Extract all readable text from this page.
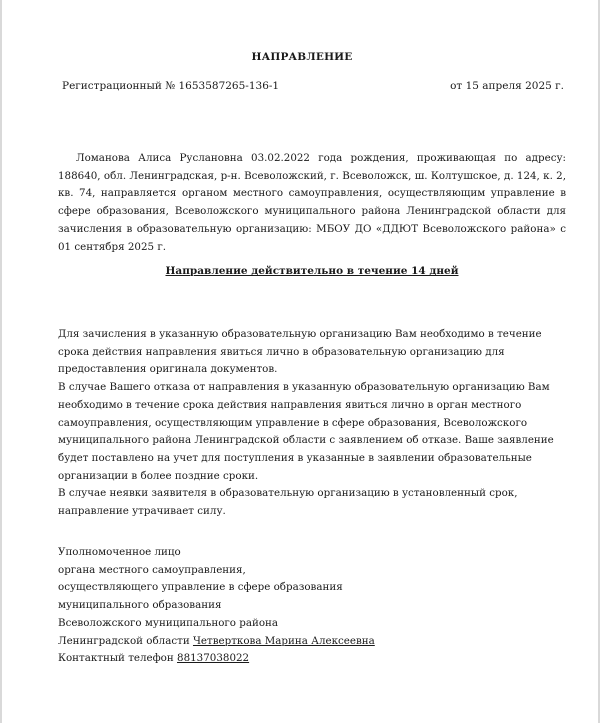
НАПРАВЛЕНИЕ
Регистрационный № 1653587265-136-1	от 15 апреля 2025 г.

Ломанова Алиса Руслановна 03.02.2022 года рождения, проживающая по адресу: 188640, обл. Ленинградская, р-н. Всеволожский, г. Всеволожск, ш. Колтушское, д. 124, к. 2, кв. 74, направляется органом местного самоуправления, осуществляющим управление в сфере образования, Всеволожского муниципального района Ленинградской области для зачисления в образовательную организацию: МБОУ ДО «ДДЮТ Всеволожского района» с 01 сентября 2025 г.

Направление действительно в течение 14 дней

Для зачисления в указанную образовательную организацию Вам необходимо в течение срока действия направления явиться лично в образовательную организацию для предоставления оригинала документов.

В случае Вашего отказа от направления в указанную образовательную организацию Вам необходимо в течение срока действия направления явиться лично в орган местного самоуправления, осуществляющим управление в сфере образования, Всеволожского муниципального района Ленинградской области с заявлением об отказе. Ваше заявление будет поставлено на учет для поступления в указанные в заявлении образовательные организации в более поздние сроки.

В случае неявки заявителя в образовательную организацию в установленный срок, направление утрачивает силу.

Уполномоченное лицо

органа местного самоуправления,

осуществляющего управление в сфере образования

муниципального образования

Всеволожского муниципального района

Ленинградской области Четверткова Марина Алексеевна

Контактный телефон 88137038022
